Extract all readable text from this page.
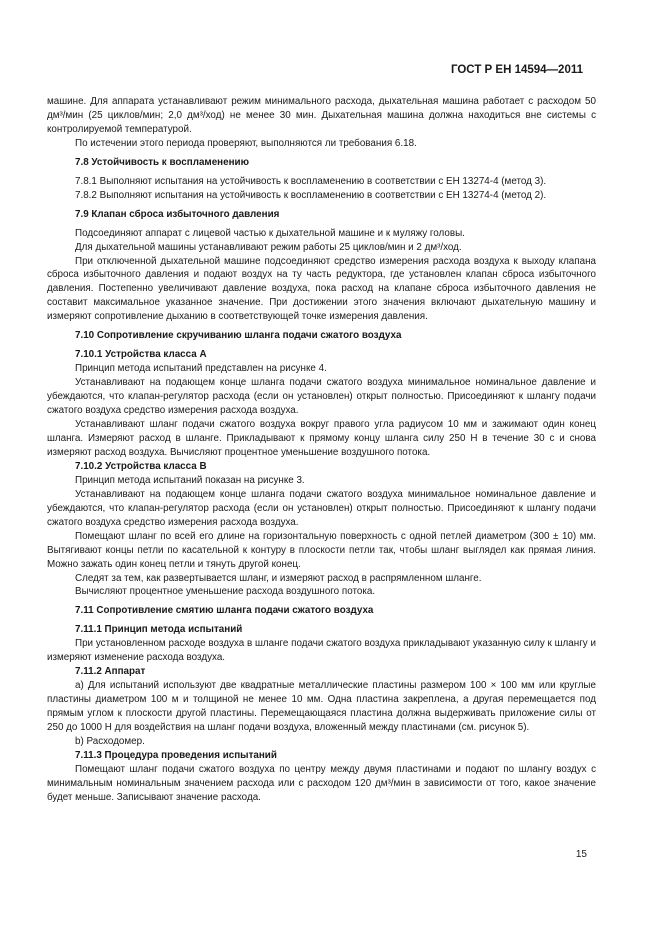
ГОСТ Р ЕН 14594—2011

машине. Для аппарата устанавливают режим минимального расхода, дыхательная машина работает с расходом 50 дм³/мин (25 циклов/мин; 2,0 дм³/ход) не менее 30 мин. Дыхательная машина должна находиться вне системы с контролируемой температурой.

По истечении этого периода проверяют, выполняются ли требования 6.18.

7.8 Устойчивость к воспламенению

7.8.1 Выполняют испытания на устойчивость к воспламенению в соответствии с ЕН 13274-4 (метод 3).

7.8.2 Выполняют испытания на устойчивость к воспламенению в соответствии с ЕН 13274-4 (метод 2).

7.9 Клапан сброса избыточного давления

Подсоединяют аппарат с лицевой частью к дыхательной машине и к муляжу головы.

Для дыхательной машины устанавливают режим работы 25 циклов/мин и 2 дм³/ход.

При отключенной дыхательной машине подсоединяют средство измерения расхода воздуха к выходу клапана сброса избыточного давления и подают воздух на ту часть редуктора, где установлен клапан сброса избыточного давления. Постепенно увеличивают давление воздуха, пока расход на клапане сброса избыточного давления не составит максимальное указанное значение. При достижении этого значения включают дыхательную машину и измеряют сопротивление дыханию в соответствующей точке измерения давления.

7.10 Сопротивление скручиванию шланга подачи сжатого воздуха

7.10.1 Устройства класса А

Принцип метода испытаний представлен на рисунке 4.

Устанавливают на подающем конце шланга подачи сжатого воздуха минимальное номинальное давление и убеждаются, что клапан-регулятор расхода (если он установлен) открыт полностью. Присоединяют к шлангу подачи сжатого воздуха средство измерения расхода воздуха.

Устанавливают шланг подачи сжатого воздуха вокруг правого угла радиусом 10 мм и зажимают один конец шланга. Измеряют расход в шланге. Прикладывают к прямому концу шланга силу 250 Н в течение 30 с и снова измеряют расход воздуха. Вычисляют процентное уменьшение воздушного потока.

7.10.2 Устройства класса В

Принцип метода испытаний показан на рисунке 3.

Устанавливают на подающем конце шланга подачи сжатого воздуха минимальное номинальное давление и убеждаются, что клапан-регулятор расхода (если он установлен) открыт полностью. Присоединяют к шлангу подачи сжатого воздуха средство измерения расхода воздуха.

Помещают шланг по всей его длине на горизонтальную поверхность с одной петлей диаметром (300 ± 10) мм. Вытягивают концы петли по касательной к контуру в плоскости петли так, чтобы шланг выглядел как прямая линия. Можно зажать один конец петли и тянуть другой конец.

Следят за тем, как развертывается шланг, и измеряют расход в распрямленном шланге.

Вычисляют процентное уменьшение расхода воздушного потока.

7.11 Сопротивление смятию шланга подачи сжатого воздуха

7.11.1 Принцип метода испытаний

При установленном расходе воздуха в шланге подачи сжатого воздуха прикладывают указанную силу к шлангу и измеряют изменение расхода воздуха.

7.11.2 Аппарат

a) Для испытаний используют две квадратные металлические пластины размером 100 × 100 мм или круглые пластины диаметром 100 м и толщиной не менее 10 мм. Одна пластина закреплена, а другая перемещается под прямым углом к плоскости другой пластины. Перемещающаяся пластина должна выдерживать приложение силы от 250 до 1000 Н для воздействия на шланг подачи воздуха, вложенный между пластинами (см. рисунок 5).

b) Расходомер.

7.11.3 Процедура проведения испытаний

Помещают шланг подачи сжатого воздуха по центру между двумя пластинами и подают по шлангу воздух с минимальным номинальным значением расхода или с расходом 120 дм³/мин в зависимости от того, какое значение будет меньше. Записывают значение расхода.

15
